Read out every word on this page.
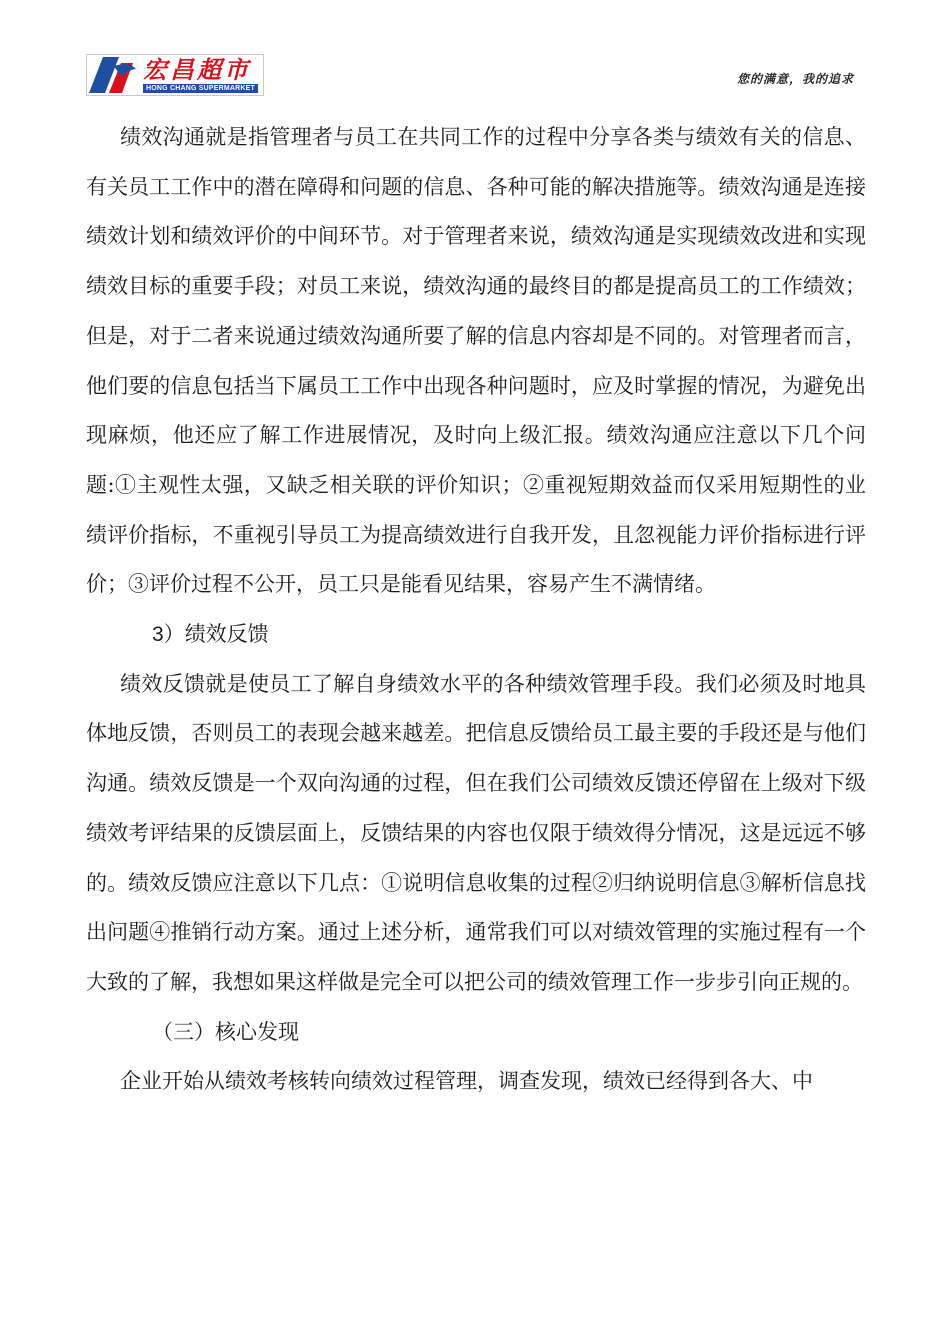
宏昌超市
HONG CHANG SUPERMARKET
您的满意，我的追求

绩效沟通就是指管理者与员工在共同工作的过程中分享各类与绩效有关的信息、有关员工工作中的潜在障碍和问题的信息、各种可能的解决措施等。绩效沟通是连接绩效计划和绩效评价的中间环节。对于管理者来说，绩效沟通是实现绩效改进和实现绩效目标的重要手段；对员工来说，绩效沟通的最终目的都是提高员工的工作绩效；但是，对于二者来说通过绩效沟通所要了解的信息内容却是不同的。对管理者而言，他们要的信息包括当下属员工工作中出现各种问题时，应及时掌握的情况，为避免出现麻烦，他还应了解工作进展情况，及时向上级汇报。绩效沟通应注意以下几个问题:①主观性太强，又缺乏相关联的评价知识；②重视短期效益而仅采用短期性的业绩评价指标，不重视引导员工为提高绩效进行自我开发，且忽视能力评价指标进行评价；③评价过程不公开，员工只是能看见结果，容易产生不满情绪。

3）绩效反馈

绩效反馈就是使员工了解自身绩效水平的各种绩效管理手段。我们必须及时地具体地反馈，否则员工的表现会越来越差。把信息反馈给员工最主要的手段还是与他们沟通。绩效反馈是一个双向沟通的过程，但在我们公司绩效反馈还停留在上级对下级绩效考评结果的反馈层面上，反馈结果的内容也仅限于绩效得分情况，这是远远不够的。绩效反馈应注意以下几点：①说明信息收集的过程②归纳说明信息③解析信息找出问题④推销行动方案。通过上述分析，通常我们可以对绩效管理的实施过程有一个大致的了解，我想如果这样做是完全可以把公司的绩效管理工作一步步引向正规的。

（三）核心发现

企业开始从绩效考核转向绩效过程管理，调查发现，绩效已经得到各大、中
